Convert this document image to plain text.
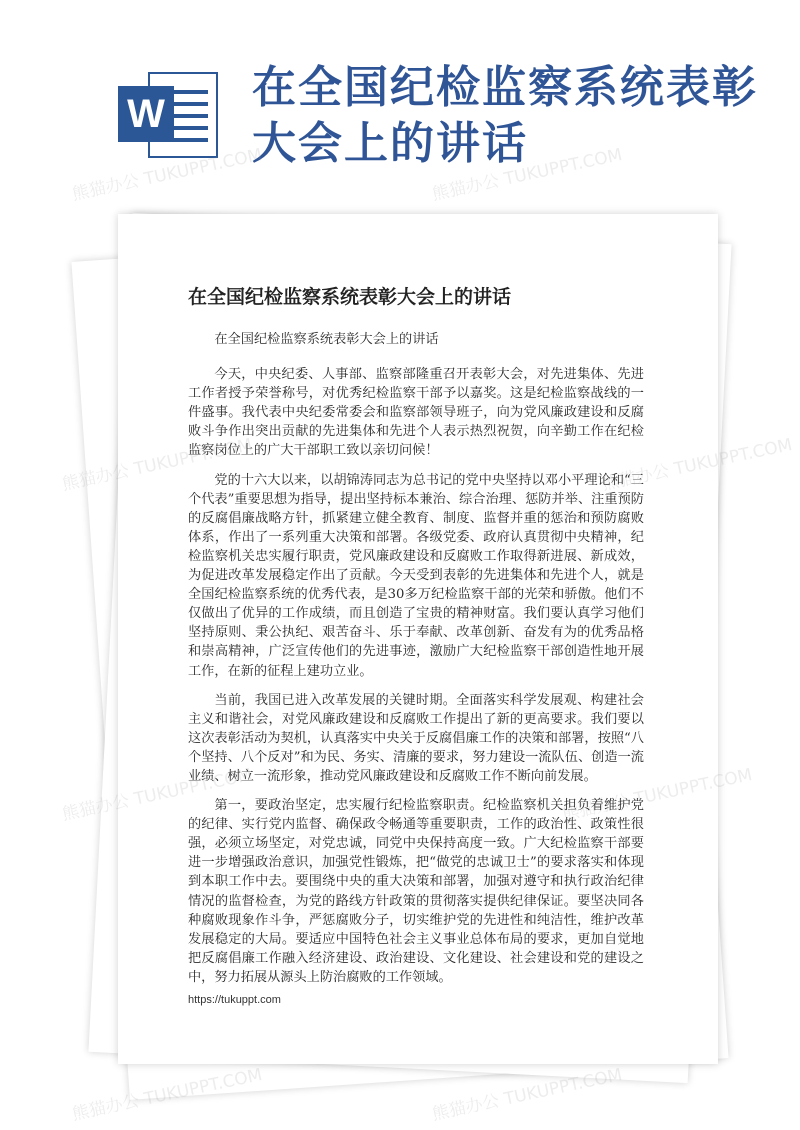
W
在全国纪检监察系统表彰大会上的讲话
在全国纪检监察系统表彰大会上的讲话

在全国纪检监察系统表彰大会上的讲话

今天，中央纪委、人事部、监察部隆重召开表彰大会，对先进集体、先进工作者授予荣誉称号，对优秀纪检监察干部予以嘉奖。这是纪检监察战线的一件盛事。我代表中央纪委常委会和监察部领导班子，向为党风廉政建设和反腐败斗争作出突出贡献的先进集体和先进个人表示热烈祝贺，向辛勤工作在纪检监察岗位上的广大干部职工致以亲切问候！

党的十六大以来，以胡锦涛同志为总书记的党中央坚持以邓小平理论和“三个代表”重要思想为指导，提出坚持标本兼治、综合治理、惩防并举、注重预防的反腐倡廉战略方针，抓紧建立健全教育、制度、监督并重的惩治和预防腐败体系，作出了一系列重大决策和部署。各级党委、政府认真贯彻中央精神，纪检监察机关忠实履行职责，党风廉政建设和反腐败工作取得新进展、新成效，为促进改革发展稳定作出了贡献。今天受到表彰的先进集体和先进个人，就是全国纪检监察系统的优秀代表，是30多万纪检监察干部的光荣和骄傲。他们不仅做出了优异的工作成绩，而且创造了宝贵的精神财富。我们要认真学习他们坚持原则、秉公执纪、艰苦奋斗、乐于奉献、改革创新、奋发有为的优秀品格和崇高精神，广泛宣传他们的先进事迹，激励广大纪检监察干部创造性地开展工作，在新的征程上建功立业。

当前，我国已进入改革发展的关键时期。全面落实科学发展观、构建社会主义和谐社会，对党风廉政建设和反腐败工作提出了新的更高要求。我们要以这次表彰活动为契机，认真落实中央关于反腐倡廉工作的决策和部署，按照“八个坚持、八个反对”和为民、务实、清廉的要求，努力建设一流队伍、创造一流业绩、树立一流形象，推动党风廉政建设和反腐败工作不断向前发展。

第一，要政治坚定，忠实履行纪检监察职责。纪检监察机关担负着维护党的纪律、实行党内监督、确保政令畅通等重要职责，工作的政治性、政策性很强，必须立场坚定，对党忠诚，同党中央保持高度一致。广大纪检监察干部要进一步增强政治意识，加强党性锻炼，把“做党的忠诚卫士”的要求落实和体现到本职工作中去。要围绕中央的重大决策和部署，加强对遵守和执行政治纪律情况的监督检查，为党的路线方针政策的贯彻落实提供纪律保证。要坚决同各种腐败现象作斗争，严惩腐败分子，切实维护党的先进性和纯洁性，维护改革发展稳定的大局。要适应中国特色社会主义事业总体布局的要求，更加自觉地把反腐倡廉工作融入经济建设、政治建设、文化建设、社会建设和党的建设之中，努力拓展从源头上防治腐败的工作领域。

https://tukuppt.com
熊猫办公 TUKUPPT.COM	熊猫办公 TUKUPPT.COM
TUKUPPT.COM
熊猫办公
熊猫办公 TUKUPPT.COM
